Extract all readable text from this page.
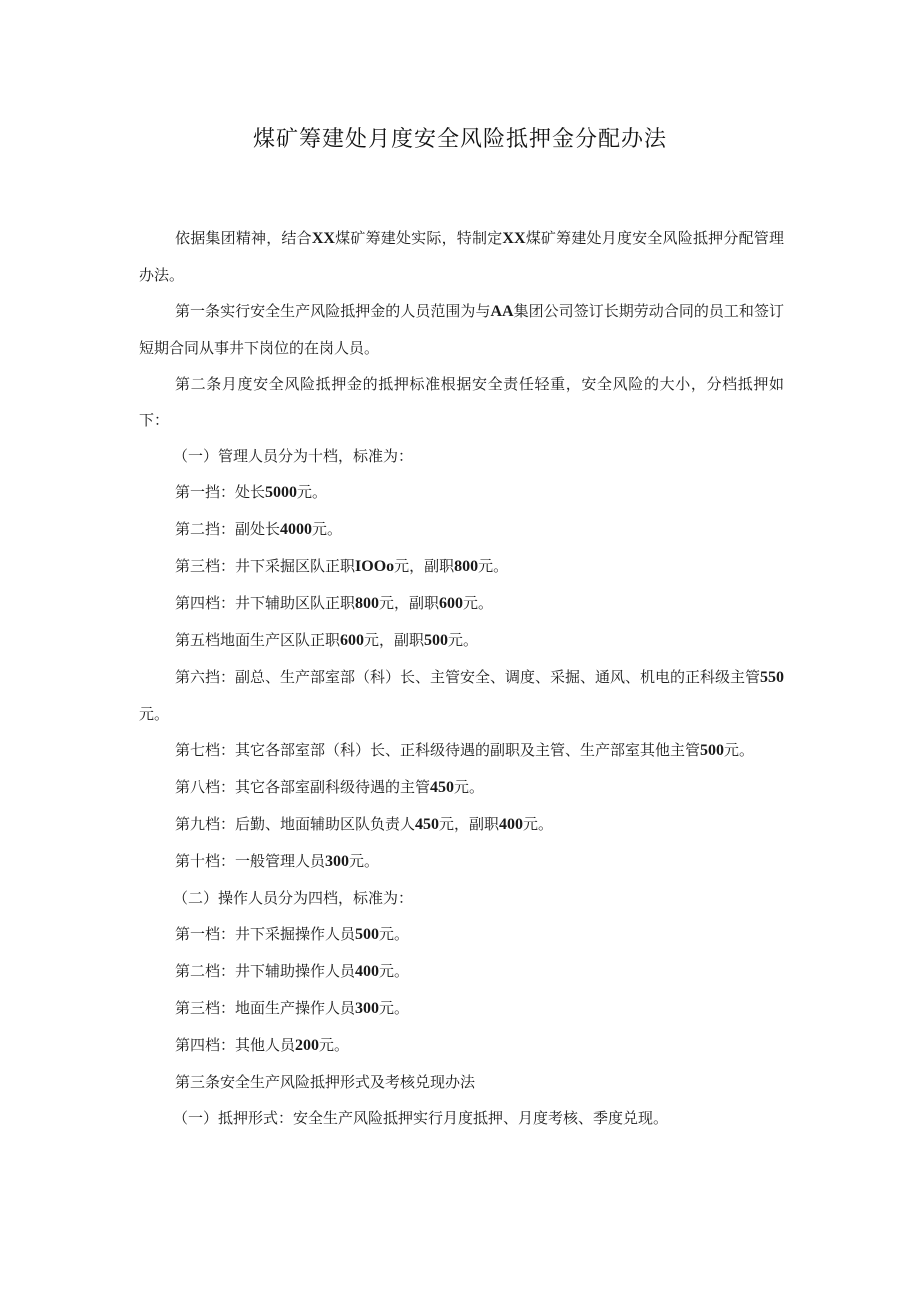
煤矿筹建处月度安全风险抵押金分配办法

依据集团精神，结合XX煤矿筹建处实际，特制定XX煤矿筹建处月度安全风险抵押分配管理办法。

第一条实行安全生产风险抵押金的人员范围为与AA集团公司签订长期劳动合同的员工和签订短期合同从事井下岗位的在岗人员。

第二条月度安全风险抵押金的抵押标准根据安全责任轻重，安全风险的大小，分档抵押如下：

（一）管理人员分为十档，标准为：

第一挡：处长5000元。

第二挡：副处长4000元。

第三档：井下采掘区队正职IOOo元，副职800元。

第四档：井下辅助区队正职800元，副职600元。

第五档地面生产区队正职600元，副职500元。

第六挡：副总、生产部室部（科）长、主管安全、调度、采掘、通风、机电的正科级主管550元。

第七档：其它各部室部（科）长、正科级待遇的副职及主管、生产部室其他主管500元。

第八档：其它各部室副科级待遇的主管450元。

第九档：后勤、地面辅助区队负责人450元，副职400元。

第十档：一般管理人员300元。

（二）操作人员分为四档，标准为：

第一档：井下采掘操作人员500元。

第二档：井下辅助操作人员400元。

第三档：地面生产操作人员300元。

第四档：其他人员200元。

第三条安全生产风险抵押形式及考核兑现办法

（一）抵押形式：安全生产风险抵押实行月度抵押、月度考核、季度兑现。
